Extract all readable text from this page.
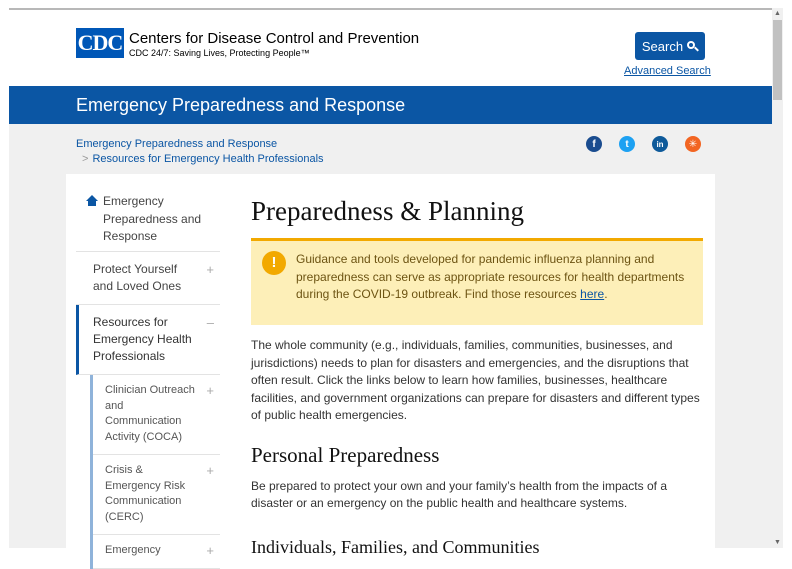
CDC Centers for Disease Control and Prevention
CDC 24/7: Saving Lives, Protecting People™	Search
Advanced Search
Emergency Preparedness and Response
Emergency Preparedness and Response
> Resources for Emergency Health Professionals
f	t	in	✳
Emergency Preparedness and Response
Protect Yourself and Loved Ones
+
Resources for Emergency Health Professionals
–
Clinician Outreach and Communication Activity (COCA)
+
Crisis & Emergency Risk Communication (CERC)
+
Emergency	+
Preparedness & Planning
!	Guidance and tools developed for pandemic influenza planning and preparedness can serve as appropriate resources for health departments during the COVID-19 outbreak. Find those resources here.

The whole community (e.g., individuals, families, communities, businesses, and jurisdictions) needs to plan for disasters and emergencies, and the disruptions that often result. Click the links below to learn how families, businesses, healthcare facilities, and government organizations can prepare for disasters and different types of public health emergencies.

Personal Preparedness

Be prepared to protect your own and your family’s health from the impacts of a disaster or an emergency on the public health and healthcare systems.

Individuals, Families, and Communities
▲
▼
